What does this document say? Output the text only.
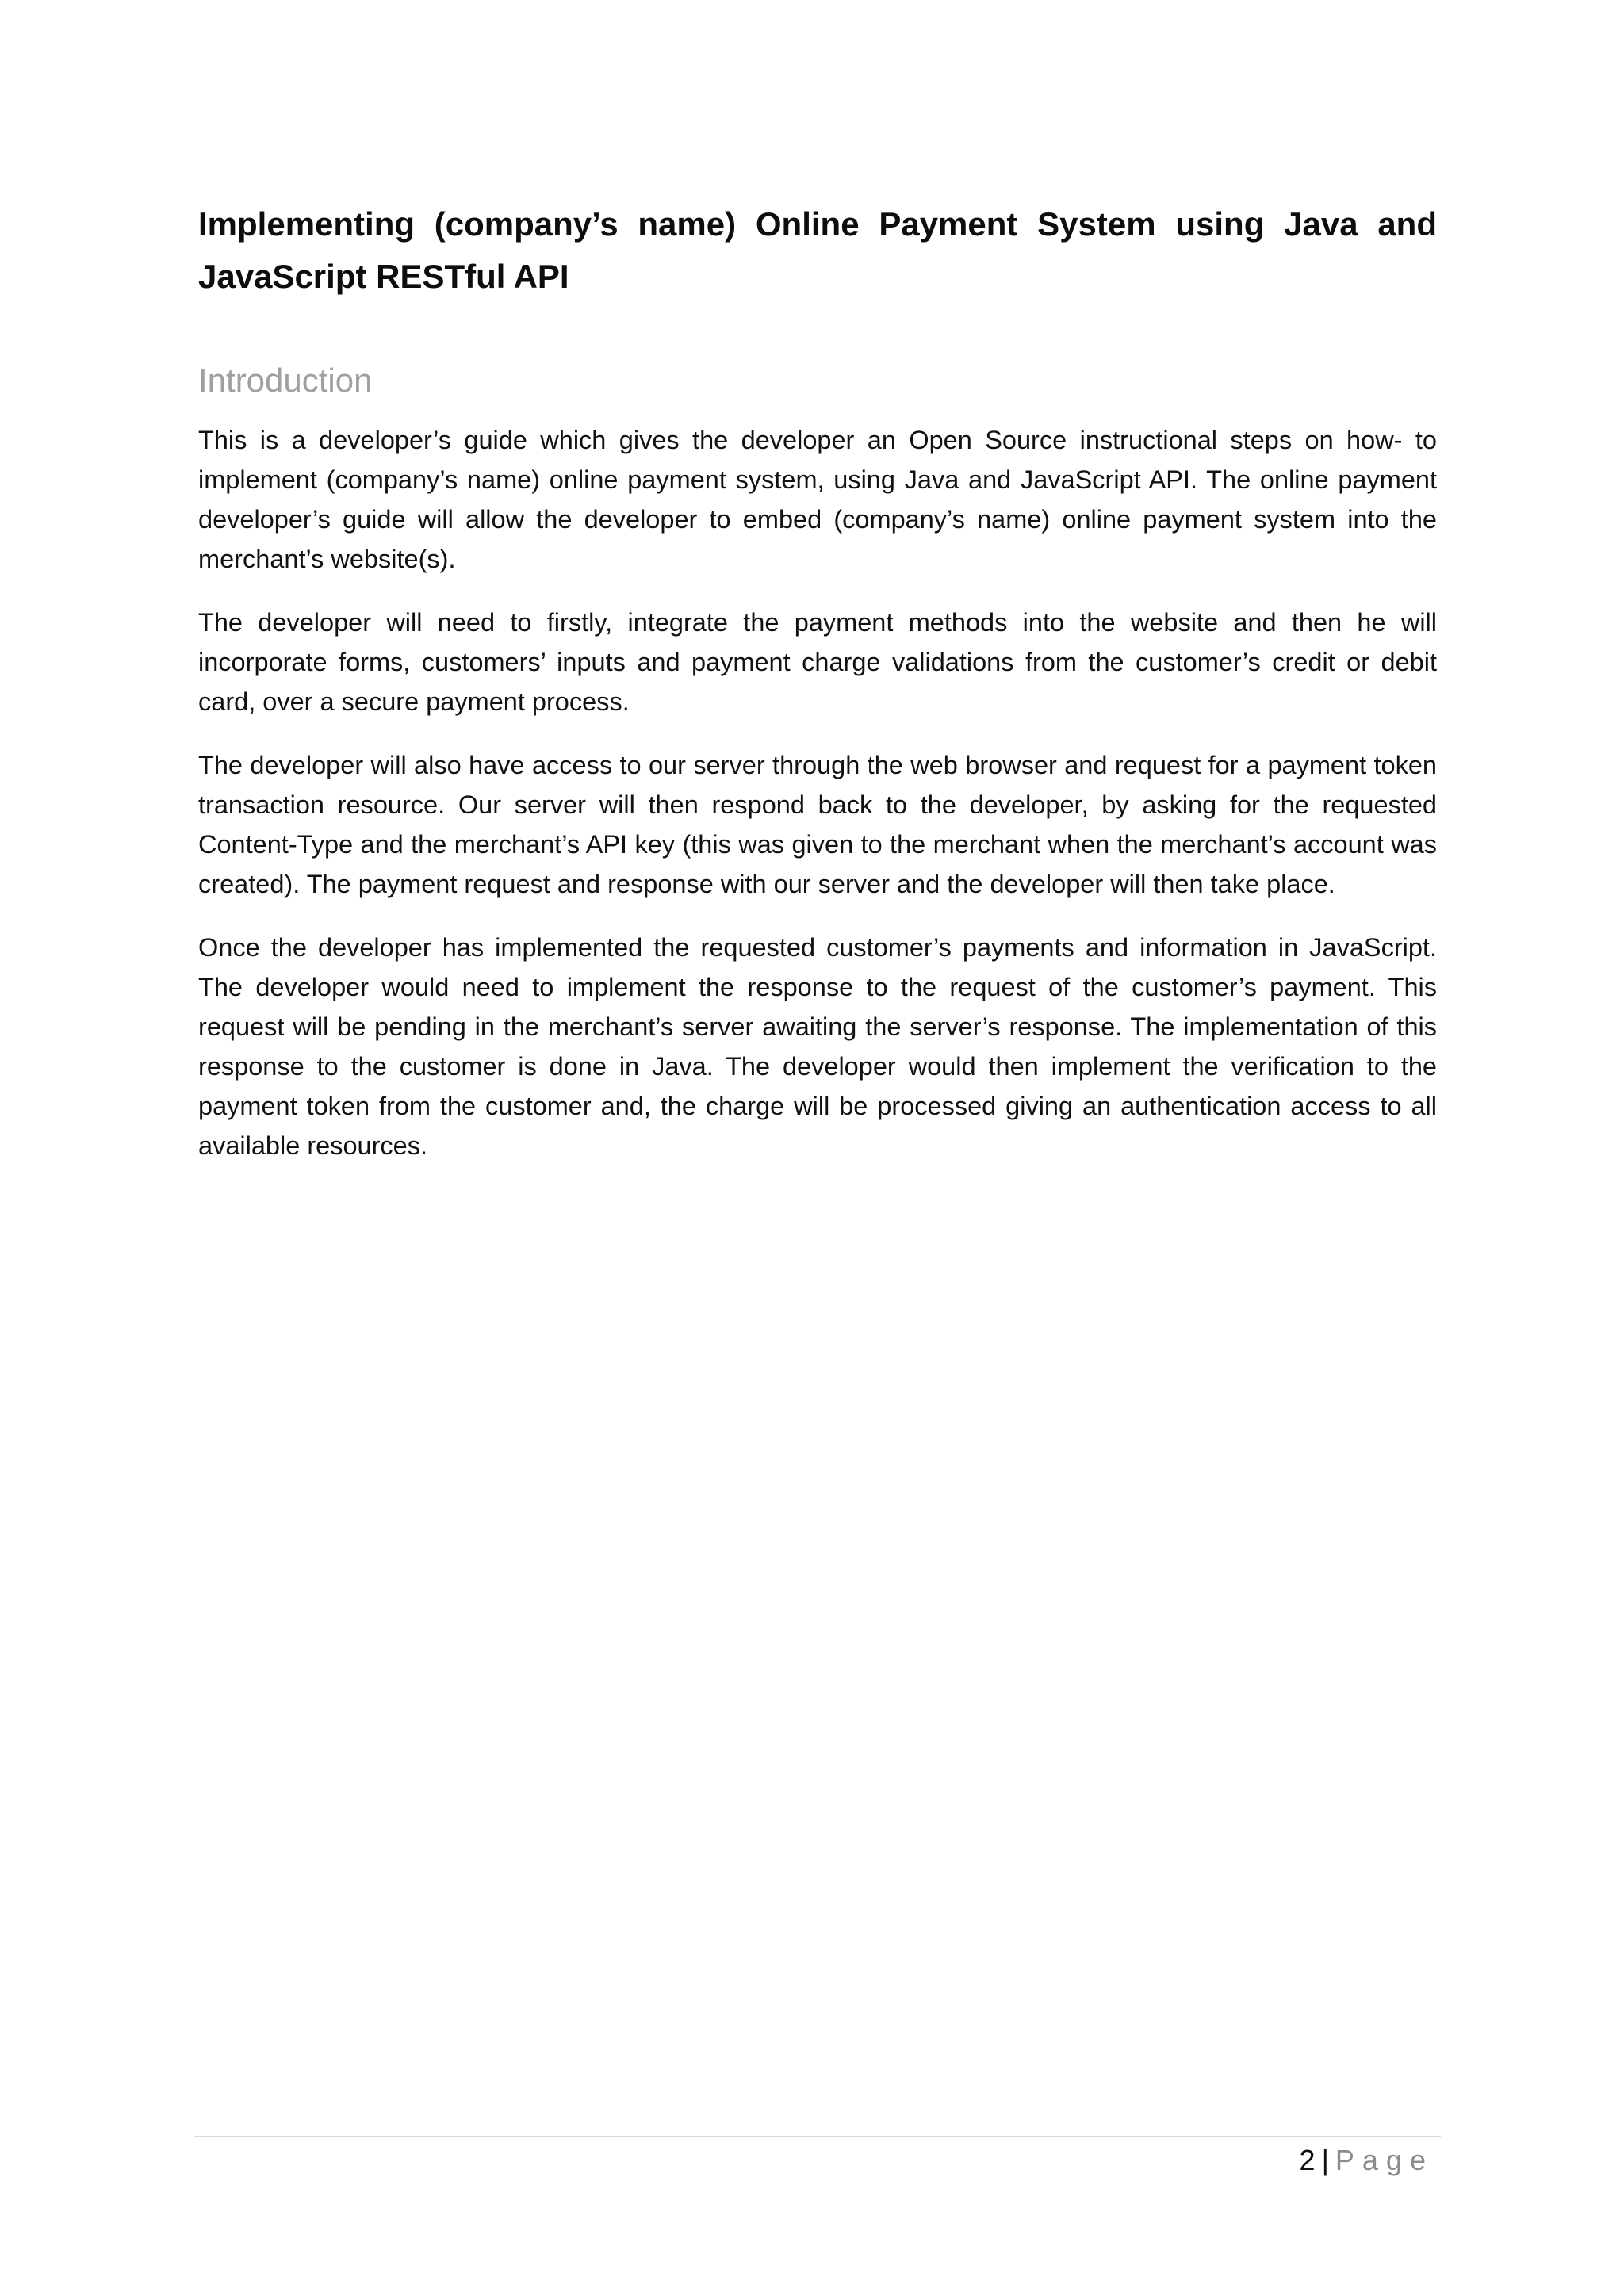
Implementing (company’s name) Online Payment System using Java and JavaScript RESTful API
Introduction

This is a developer’s guide which gives the developer an Open Source instructional steps on how- to implement (company’s name) online payment system, using Java and JavaScript API. The online payment developer’s guide will allow the developer to embed (company’s name) online payment system into the merchant’s website(s).

The developer will need to firstly, integrate the payment methods into the website and then he will incorporate forms, customers’ inputs and payment charge validations from the customer’s credit or debit card, over a secure payment process.

The developer will also have access to our server through the web browser and request for a payment token transaction resource. Our server will then respond back to the developer, by asking for the requested Content-Type and the merchant’s API key (this was given to the merchant when the merchant’s account was created). The payment request and response with our server and the developer will then take place.

Once the developer has implemented the requested customer’s payments and information in JavaScript. The developer would need to implement the response to the request of the customer’s payment. This request will be pending in the merchant’s server awaiting the server’s response. The implementation of this response to the customer is done in Java. The developer would then implement the verification to the payment token from the customer and, the charge will be processed giving an authentication access to all available resources.

2 | Page
